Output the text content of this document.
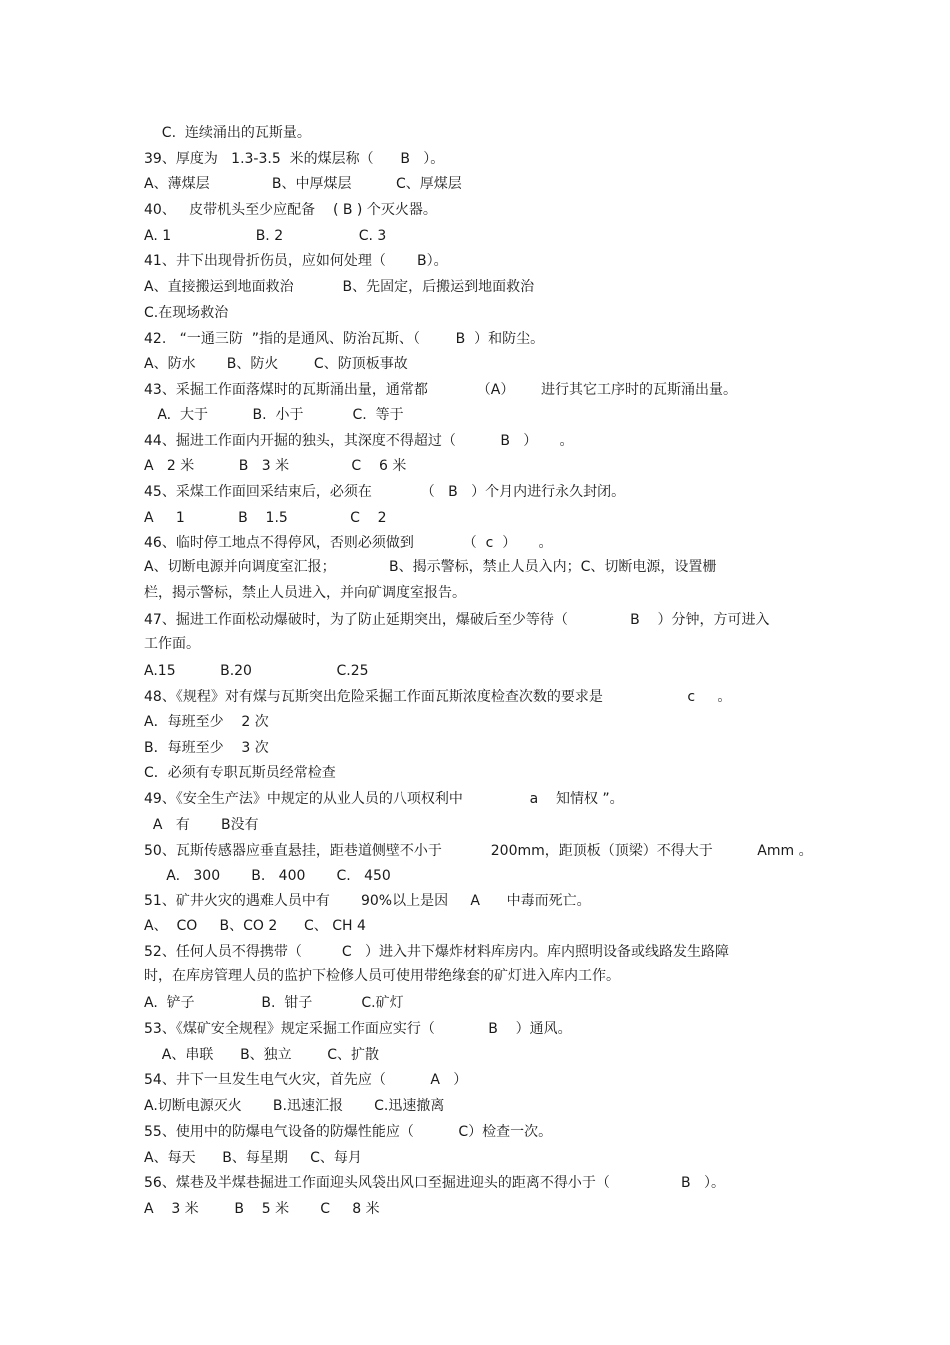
C.  连续涌出的瓦斯量。
39、厚度为   1.3-3.5  米的煤层称（      B   ）。
A、薄煤层              B、中厚煤层          C、厚煤层
40、   皮带机头至少应配备    ( B ) 个灭火器。
A. 1                   B. 2                 C. 3
41、井下出现骨折伤员，应如何处理（       B）。
A、直接搬运到地面救治           B、先固定，后搬运到地面救治
C.在现场救治
42.   “一通三防  ”指的是通风、防治瓦斯、（        B  ）和防尘。
A、防水       B、防火        C、防顶板事故
43、采掘工作面落煤时的瓦斯涌出量，通常都           （A）      进行其它工序时的瓦斯涌出量。
A.  大于          B.  小于           C.  等于
44、掘进工作面内开掘的独头，其深度不得超过（          B   ）     。
A   2 米          B   3 米              C    6 米
45、采煤工作面回采结束后，必须在           （   B   ）个月内进行永久封闭。
A     1            B    1.5              C    2
46、临时停工地点不得停风，否则必须做到           （  c  ）     。
A、切断电源并向调度室汇报；            B、揭示警标，禁止人员入内；C、切断电源，设置栅
栏，揭示警标，禁止人员进入，并向矿调度室报告。
47、掘进工作面松动爆破时，为了防止延期突出，爆破后至少等待（              B    ）分钟，方可进入
工作面。
A.15          B.20                   C.25
48、《规程》对有煤与瓦斯突出危险采掘工作面瓦斯浓度检查次数的要求是                   c     。
A．每班至少    2 次
B．每班至少    3 次
C．必须有专职瓦斯员经常检查
49、《安全生产法》中规定的从业人员的八项权利中               a    知情权 ”。
A   有       B没有
50、瓦斯传感器应垂直悬挂，距巷道侧壁不小于           200mm，距顶板（顶梁）不得大于          Amm 。
A.   300       B.   400       C.   450
51、矿井火灾的遇难人员中有       90%以上是因     A      中毒而死亡。
A、  CO     B、CO 2      C、 CH 4
52、任何人员不得携带（         C   ）进入井下爆炸材料库房内。库内照明设备或线路发生路障
时，在库房管理人员的监护下检修人员可使用带绝缘套的矿灯进入库内工作。
A.  铲子               B.  钳子           C.矿灯
53、《煤矿安全规程》规定采掘工作面应实行（            B    ）通风。
A、串联      B、独立        C、扩散
54、井下一旦发生电气火灾，首先应（          A   ）
A.切断电源灭火       B.迅速汇报       C.迅速撤离
55、使用中的防爆电气设备的防爆性能应（          C）检查一次。
A、每天      B、每星期     C、每月
56、煤巷及半煤巷掘进工作面迎头风袋出风口至掘进迎头的距离不得小于（                B   ）。
A    3 米        B    5 米       C     8 米
